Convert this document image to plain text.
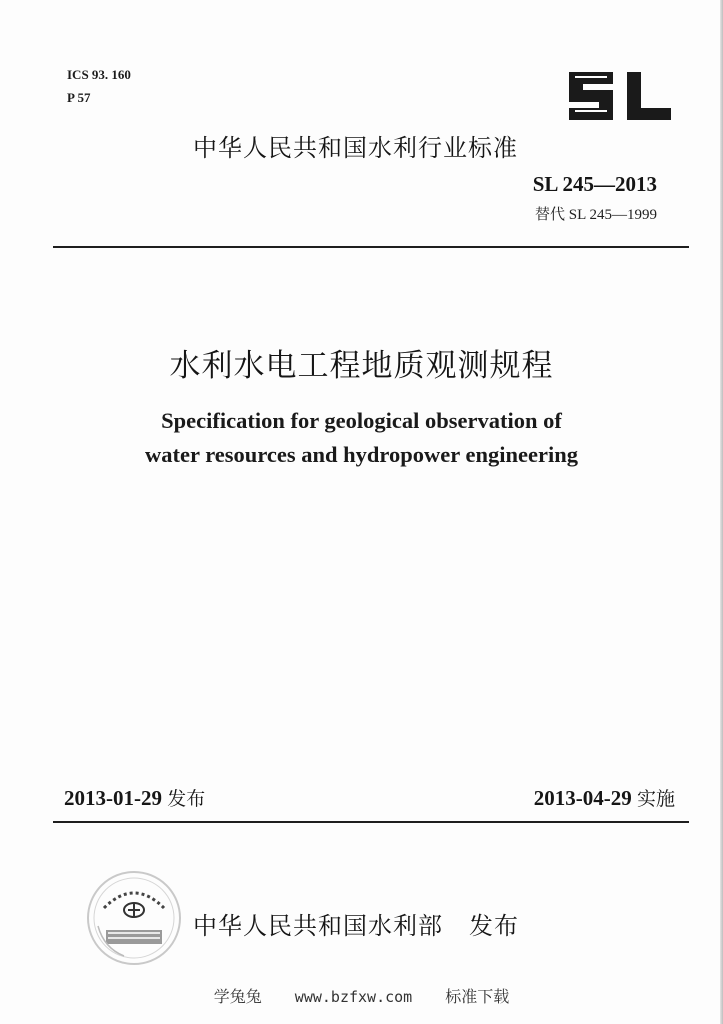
ICS 93. 160
P 57
中华人民共和国水利行业标准
SL 245—2013
替代 SL 245—1999
水利水电工程地质观测规程
Specification for geological observation of
water resources and hydropower engineering
2013-01-29 发布	2013-04-29 实施
中华人民共和国水利部 发布
学兔兔 www.bzfxw.com 标准下载
